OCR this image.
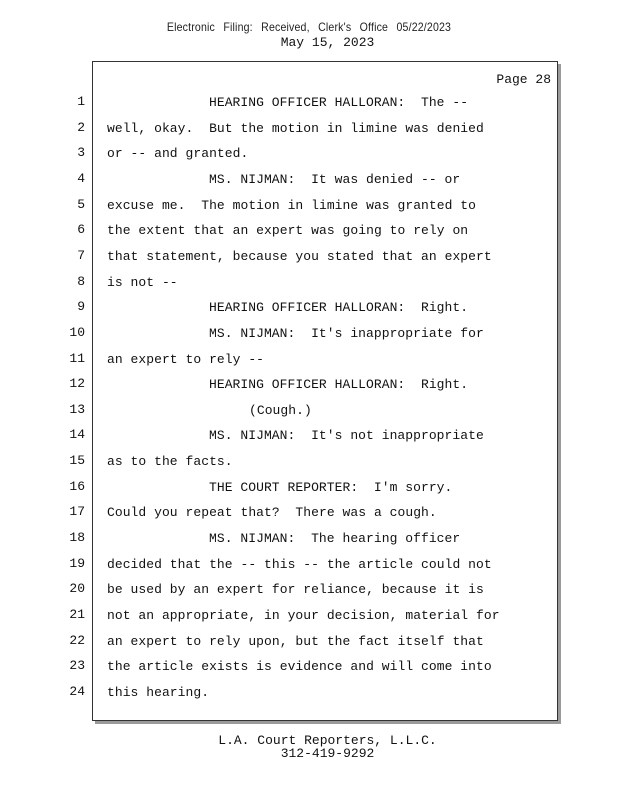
Electronic Filing: Received, Clerk's Office 05/22/2023
May 15, 2023
1
2
3
4
5
6
7
8
9
10
11
12
13
14
15
16
17
18
19
20
21
22
23
24
Page 28
HEARING OFFICER HALLORAN:  The --
well, okay.  But the motion in limine was denied
or -- and granted.
MS. NIJMAN:  It was denied -- or
excuse me.  The motion in limine was granted to
the extent that an expert was going to rely on
that statement, because you stated that an expert
is not --
HEARING OFFICER HALLORAN:  Right.
MS. NIJMAN:  It's inappropriate for
an expert to rely --
HEARING OFFICER HALLORAN:  Right.
(Cough.)
MS. NIJMAN:  It's not inappropriate
as to the facts.
THE COURT REPORTER:  I'm sorry.
Could you repeat that?  There was a cough.
MS. NIJMAN:  The hearing officer
decided that the -- this -- the article could not
be used by an expert for reliance, because it is
not an appropriate, in your decision, material for
an expert to rely upon, but the fact itself that
the article exists is evidence and will come into
this hearing.
L.A. Court Reporters, L.L.C.
312-419-9292
